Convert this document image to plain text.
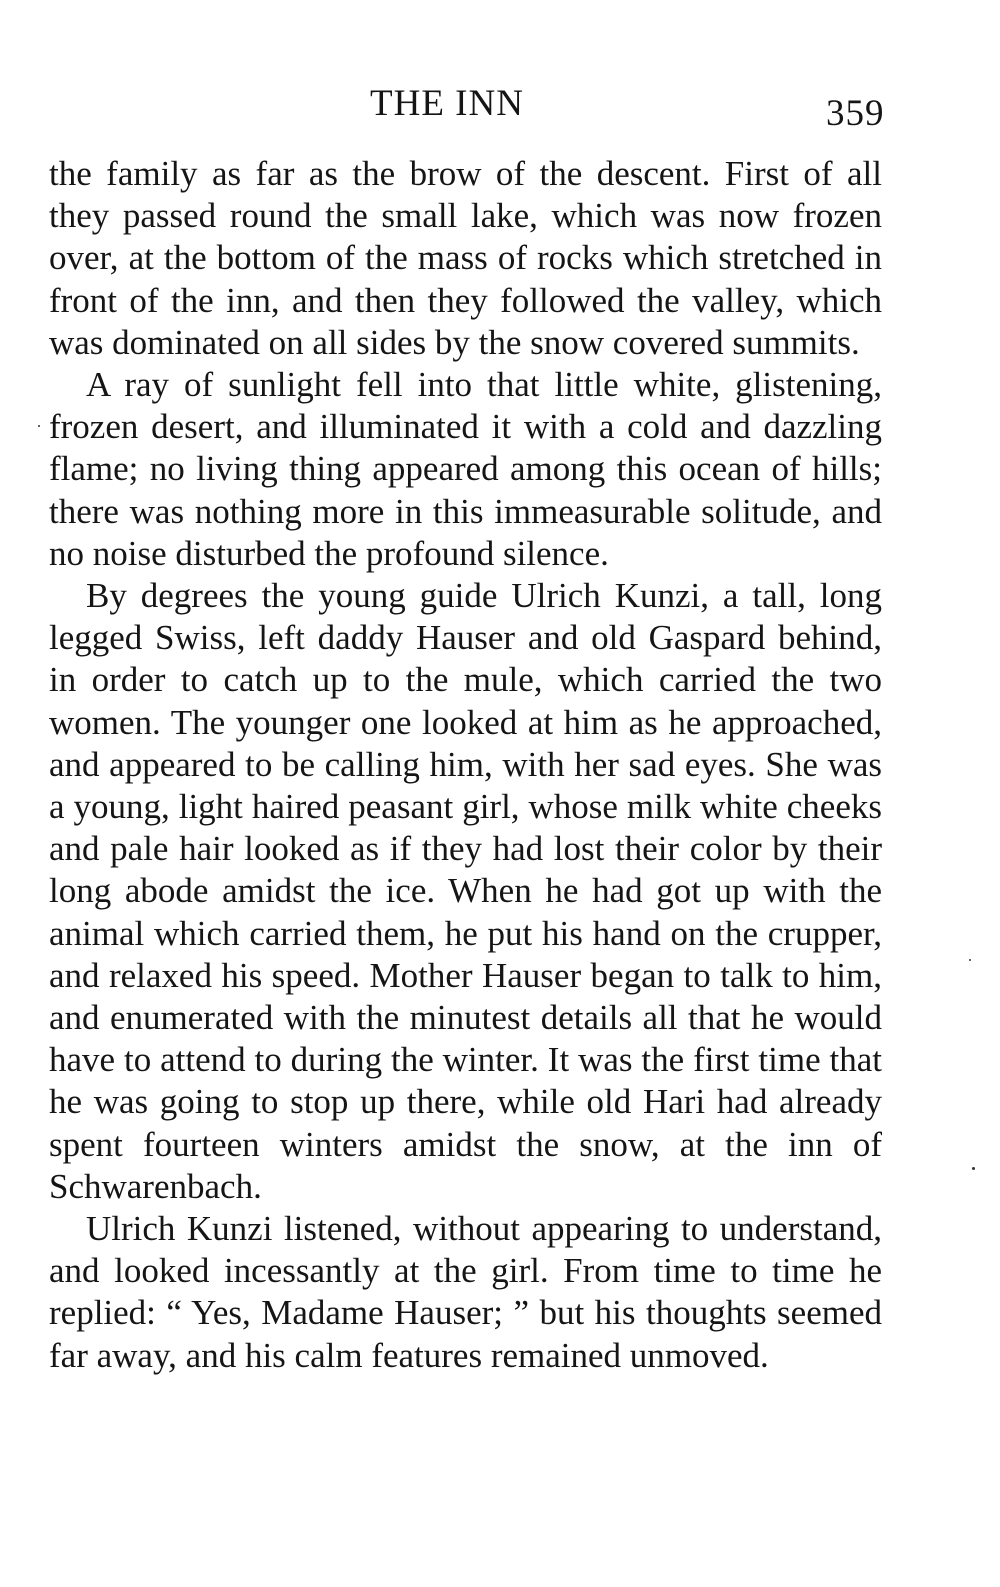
THE INN	359

the family as far as the brow of the descent. First of all they passed round the small lake, which was now frozen over, at the bottom of the mass of rocks which stretched in front of the inn, and then they followed the valley, which was dominated on all sides by the snow covered summits.

A ray of sunlight fell into that little white, glistening, frozen desert, and illuminated it with a cold and dazzling flame; no living thing appeared among this ocean of hills; there was nothing more in this immeasurable solitude, and no noise disturbed the profound silence.

By degrees the young guide Ulrich Kunzi, a tall, long legged Swiss, left daddy Hauser and old Gaspard behind, in order to catch up to the mule, which carried the two women. The younger one looked at him as he approached, and appeared to be calling him, with her sad eyes. She was a young, light haired peasant girl, whose milk white cheeks and pale hair looked as if they had lost their color by their long abode amidst the ice. When he had got up with the animal which carried them, he put his hand on the crupper, and relaxed his speed. Mother Hauser began to talk to him, and enumerated with the minutest details all that he would have to attend to during the winter. It was the first time that he was going to stop up there, while old Hari had already spent fourteen winters amidst the snow, at the inn of Schwarenbach.

Ulrich Kunzi listened, without appearing to understand, and looked incessantly at the girl. From time to time he replied: “ Yes, Madame Hauser; ” but his thoughts seemed far away, and his calm features remained unmoved.
